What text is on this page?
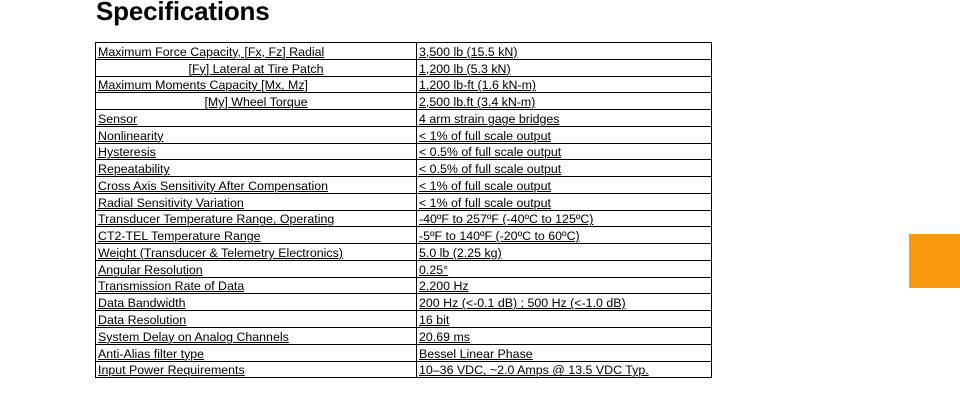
Specifications
Maximum Force Capacity, [Fx, Fz] Radial	3,500 lb (15.5 kN)
[Fy] Lateral at Tire Patch	1,200 lb (5.3 kN)
Maximum Moments Capacity [Mx, Mz]	1,200 lb-ft (1.6 kN-m)
[My] Wheel Torque	2,500 lb.ft (3.4 kN-m)
Sensor	4 arm strain gage bridges
Nonlinearity	< 1% of full scale output
Hysteresis	< 0.5% of full scale output
Repeatability	< 0.5% of full scale output
Cross Axis Sensitivity After Compensation	< 1% of full scale output
Radial Sensitivity Variation	< 1% of full scale output
Transducer Temperature Range, Operating	-40ºF to 257ºF (-40ºC to 125ºC)
CT2-TEL Temperature Range	-5ºF to 140ºF (-20ºC to 60ºC)
Weight (Transducer & Telemetry Electronics)	5.0 lb (2.25 kg)
Angular Resolution	0.25°
Transmission Rate of Data	2,200 Hz
Data Bandwidth	200 Hz (<-0.1 dB) ; 500 Hz (<-1.0 dB)
Data Resolution	16 bit
System Delay on Analog Channels	20.69 ms
Anti-Alias filter type	Bessel Linear Phase
Input Power Requirements	10–36 VDC, ~2.0 Amps @ 13.5 VDC Typ.
